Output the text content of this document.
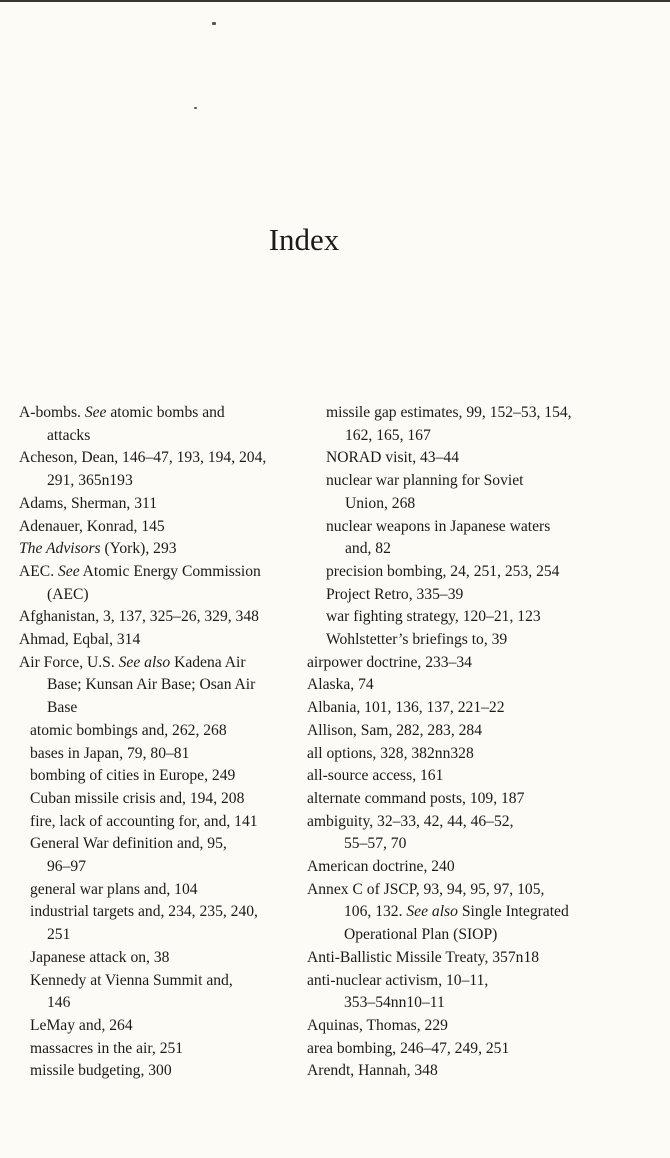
Index
A-bombs. See atomic bombs and
attacks
Acheson, Dean, 146–47, 193, 194, 204,
291, 365n193
Adams, Sherman, 311
Adenauer, Konrad, 145
The Advisors (York), 293
AEC. See Atomic Energy Commission
(AEC)
Afghanistan, 3, 137, 325–26, 329, 348
Ahmad, Eqbal, 314
Air Force, U.S. See also Kadena Air
Base; Kunsan Air Base; Osan Air
Base
atomic bombings and, 262, 268
bases in Japan, 79, 80–81
bombing of cities in Europe, 249
Cuban missile crisis and, 194, 208
fire, lack of accounting for, and, 141
General War definition and, 95,
96–97
general war plans and, 104
industrial targets and, 234, 235, 240,
251
Japanese attack on, 38
Kennedy at Vienna Summit and,
146
LeMay and, 264
massacres in the air, 251
missile budgeting, 300
missile gap estimates, 99, 152–53, 154,
162, 165, 167
NORAD visit, 43–44
nuclear war planning for Soviet
Union, 268
nuclear weapons in Japanese waters
and, 82
precision bombing, 24, 251, 253, 254
Project Retro, 335–39
war fighting strategy, 120–21, 123
Wohlstetter’s briefings to, 39
airpower doctrine, 233–34
Alaska, 74
Albania, 101, 136, 137, 221–22
Allison, Sam, 282, 283, 284
all options, 328, 382nn328
all-source access, 161
alternate command posts, 109, 187
ambiguity, 32–33, 42, 44, 46–52,
55–57, 70
American doctrine, 240
Annex C of JSCP, 93, 94, 95, 97, 105,
106, 132. See also Single Integrated
Operational Plan (SIOP)
Anti-Ballistic Missile Treaty, 357n18
anti-nuclear activism, 10–11,
353–54nn10–11
Aquinas, Thomas, 229
area bombing, 246–47, 249, 251
Arendt, Hannah, 348
